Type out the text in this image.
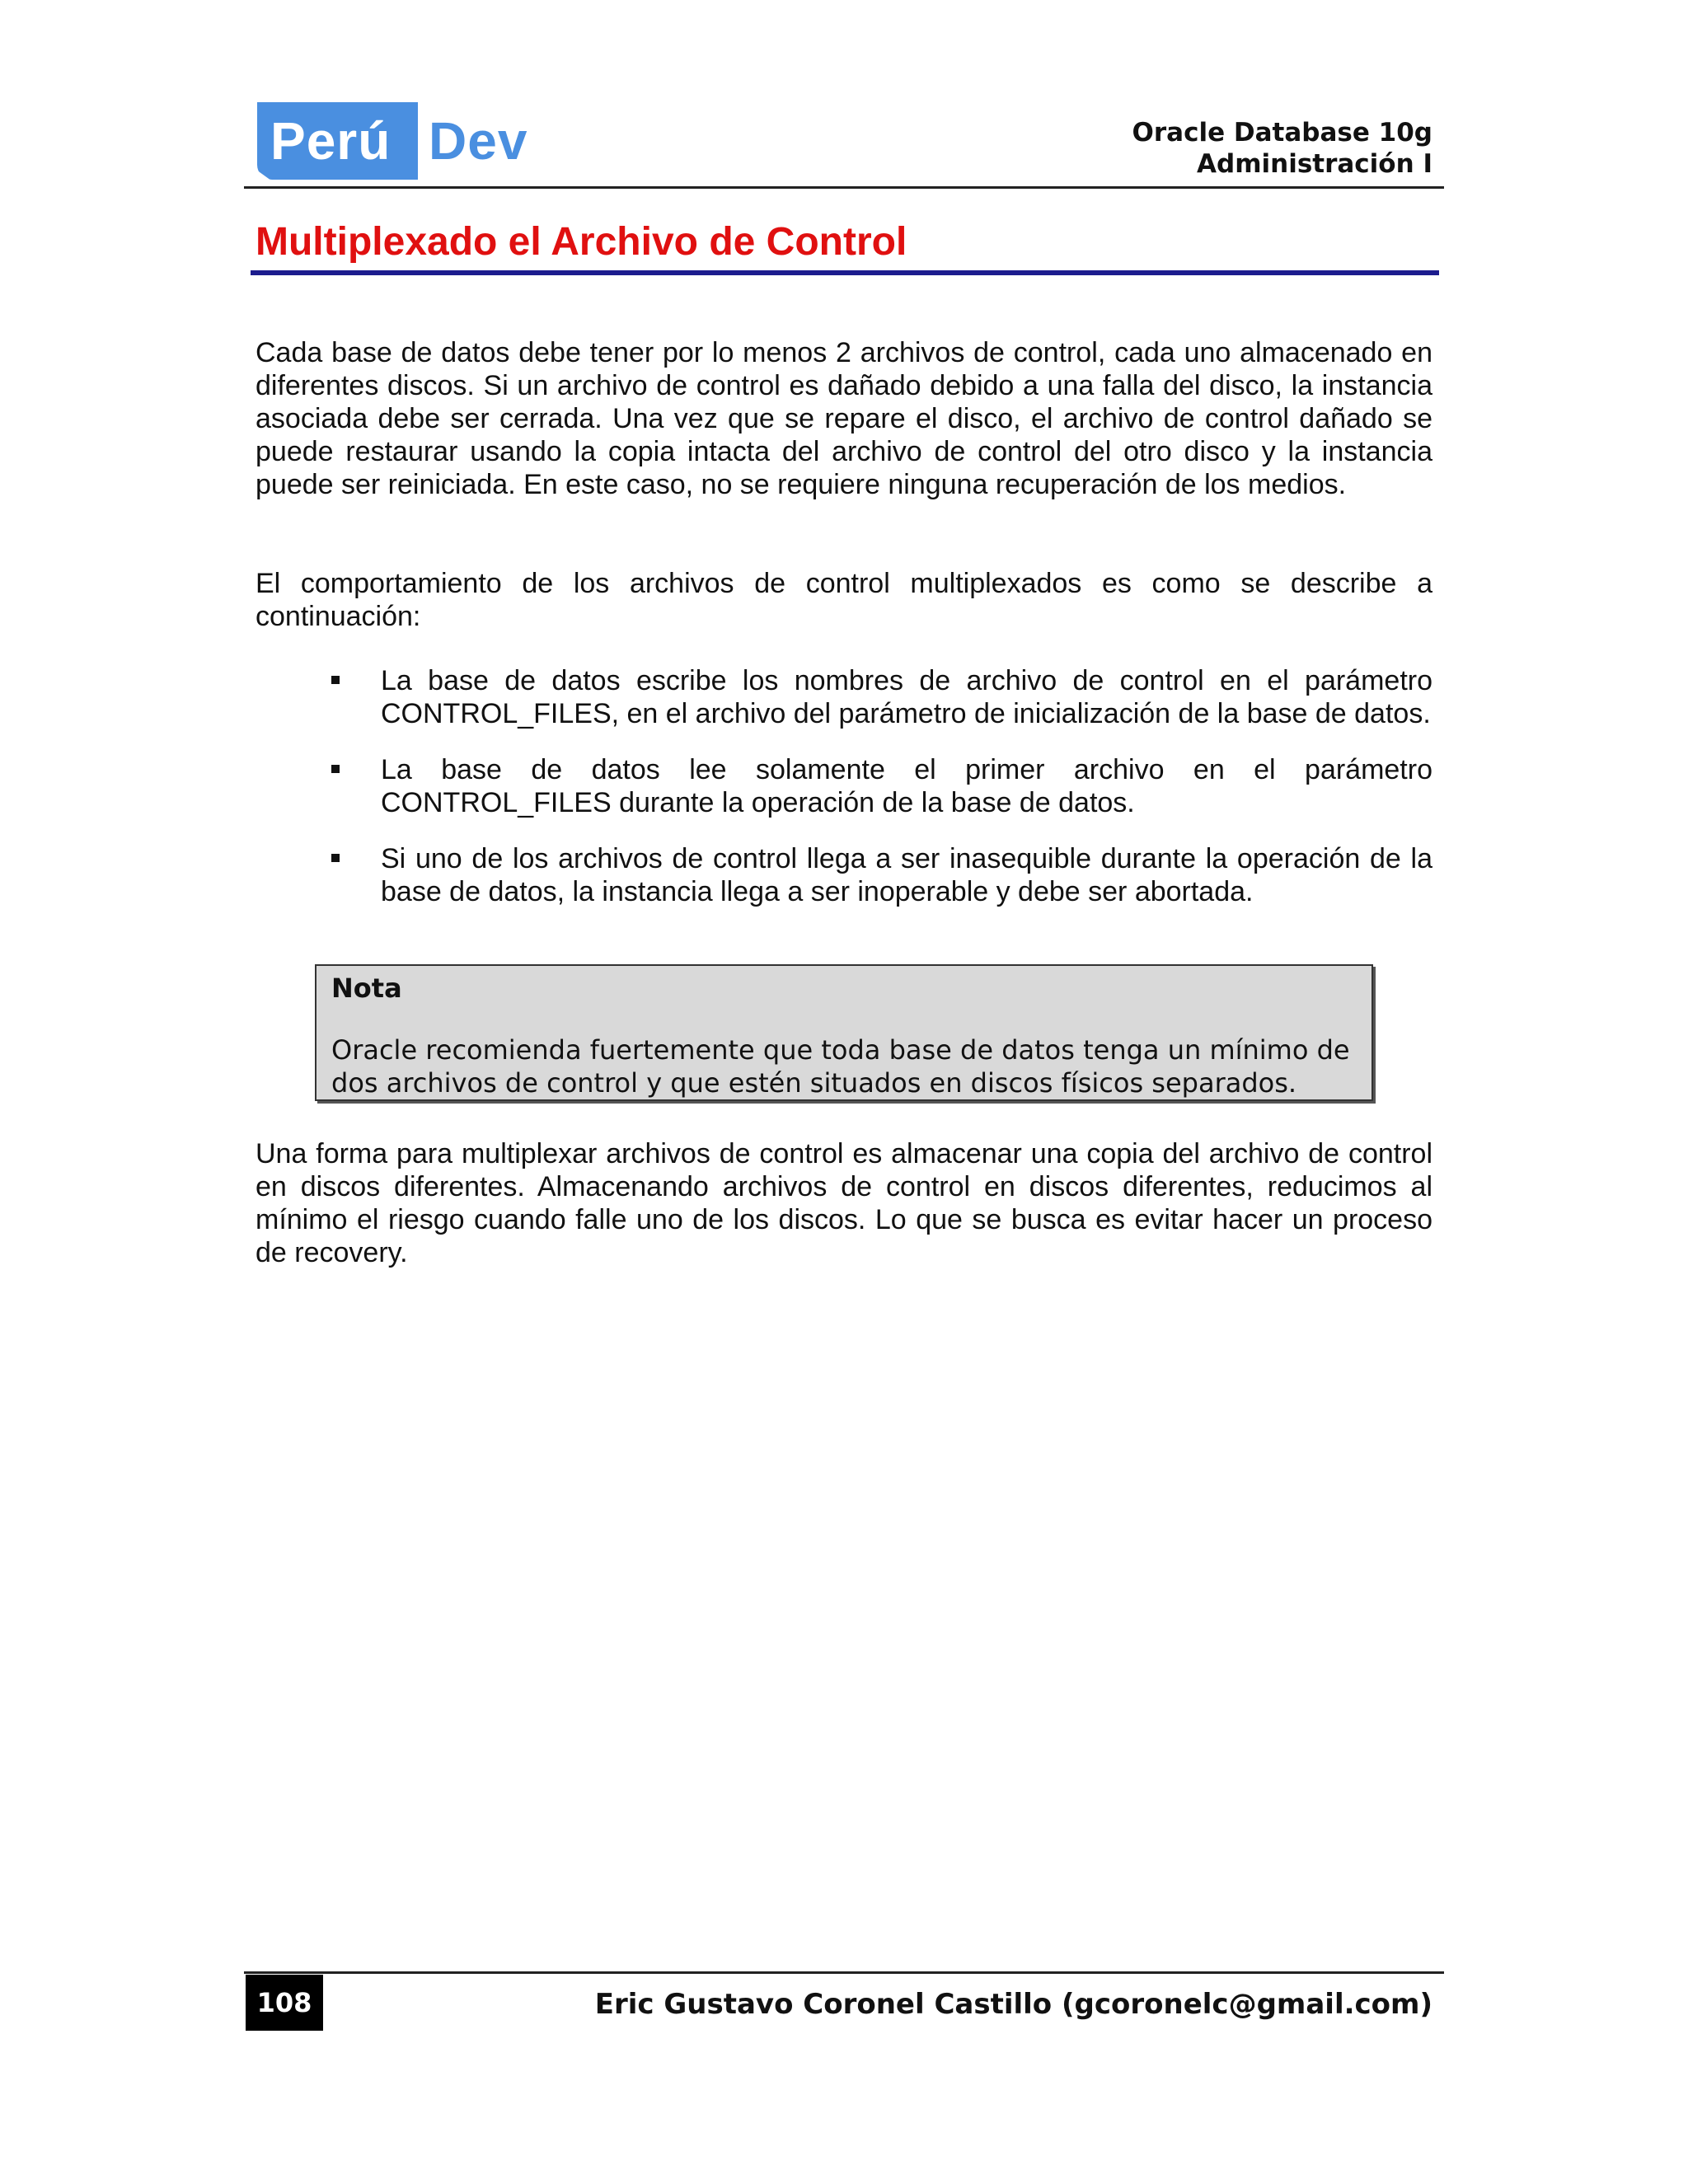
Perú Dev	Oracle Database 10g
Administración I
Multiplexado el Archivo de Control

Cada base de datos debe tener por lo menos 2 archivos de control, cada uno almacenado en diferentes discos. Si un archivo de control es dañado debido a una falla del disco, la instancia asociada debe ser cerrada. Una vez que se repare el disco, el archivo de control dañado se puede restaurar usando la copia intacta del archivo de control del otro disco y la instancia puede ser reiniciada. En este caso, no se requiere ninguna recuperación de los medios.

El comportamiento de los archivos de control multiplexados es como se describe a continuación:

La base de datos escribe los nombres de archivo de control en el parámetro CONTROL_FILES, en el archivo del parámetro de inicialización de la base de datos.
La base de datos lee solamente el primer archivo en el parámetro CONTROL_FILES durante la operación de la base de datos.
Si uno de los archivos de control llega a ser inasequible durante la operación de la base de datos, la instancia llega a ser inoperable y debe ser abortada.
Nota
Oracle recomienda fuertemente que toda base de datos tenga un mínimo de dos archivos de control y que estén situados en discos físicos separados.

Una forma para multiplexar archivos de control es almacenar una copia del archivo de control en discos diferentes. Almacenando archivos de control en discos diferentes, reducimos al mínimo el riesgo cuando falle uno de los discos. Lo que se busca es evitar hacer un proceso de recovery.

108	Eric Gustavo Coronel Castillo (gcoronelc@gmail.com)
